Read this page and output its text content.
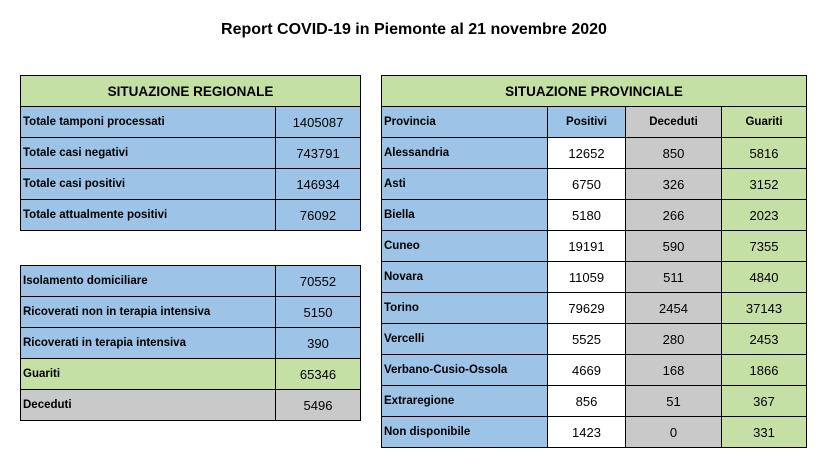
Report COVID-19 in Piemonte al 21 novembre 2020
SITUAZIONE REGIONALE	
Totale tamponi processati	1405087
Totale casi negativi	743791
Totale casi positivi	146934
Totale attualmente positivi	76092
Isolamento domiciliare	70552
Ricoverati non in terapia intensiva	5150
Ricoverati in terapia intensiva	390
Guariti	65346
Deceduti	5496
SITUAZIONE PROVINCIALE			
Provincia	Positivi	Deceduti	Guariti
Alessandria	12652	850	5816
Asti	6750	326	3152
Biella	5180	266	2023
Cuneo	19191	590	7355
Novara	11059	511	4840
Torino	79629	2454	37143
Vercelli	5525	280	2453
Verbano-Cusio-Ossola	4669	168	1866
Extraregione	856	51	367
Non disponibile	1423	0	331
